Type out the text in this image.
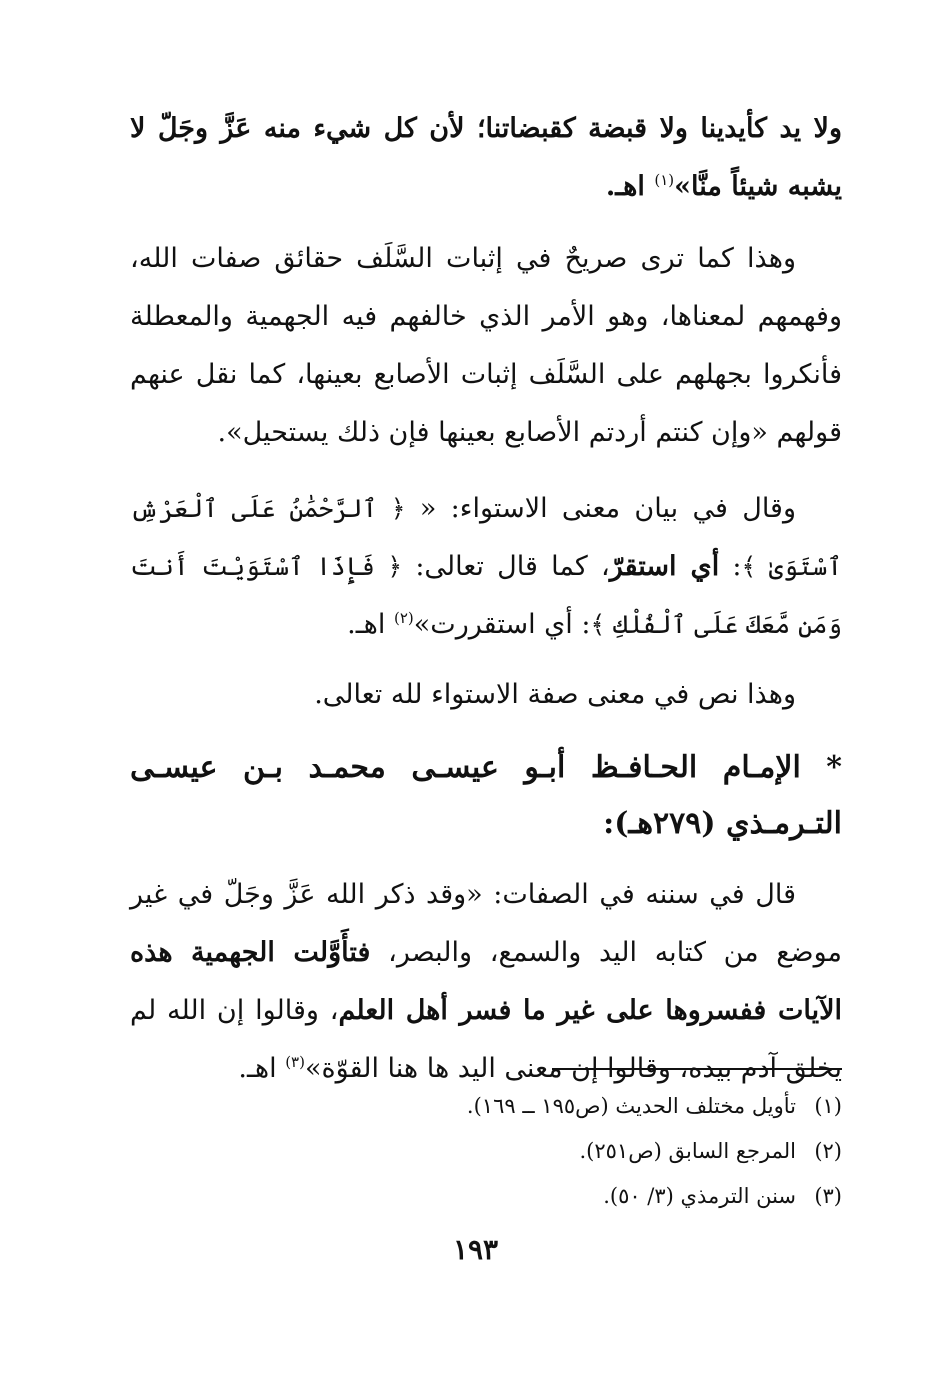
ولا يد كأيدينا ولا قبضة كقبضاتنا؛ لأن كل شيء منه عَزَّ وجَلّ لا يشبه شيئاً منَّا»$^{(١)}$ اهـ.

وهذا كما ترى صريحٌ في إثبات السَّلَف حقائق صفات الله، وفهمهم لمعناها، وهو الأمر الذي خالفهم فيه الجهمية والمعطلة فأنكروا بجهلهم على السَّلَف إثبات الأصابع بعينها، كما نقل عنهم قولهم «وإن كنتم أردتم الأصابع بعينها فإن ذلك يستحيل».

وقال في بيان معنى الاستواء: « ﴿ ٱلرَّحْمَٰنُ عَلَى ٱلْعَرْشِ ٱسْتَوَىٰ ﴾: أي استقرّ، كما قال تعالى: ﴿ فَإِذَا ٱسْتَوَيْتَ أَنتَ وَمَن مَّعَكَ عَلَى ٱلْفُلْكِ ﴾: أي استقررت»$^{(٢)}$ اهـ.

وهذا نص في معنى صفة الاستواء لله تعالى.

* الإمـام الحـافـظ أبـو عيسـى محمـد بـن عيسـى التـرمـذي (٢٧٩هـ):

قال في سننه في الصفات: «وقد ذكر الله عَزَّ وجَلّ في غير موضع من كتابه اليد والسمع، والبصر، فتأَوَّلت الجهمية هذه الآيات ففسروها على غير ما فسر أهل العلم، وقالوا إن الله لم يخلق آدم بيده، وقالوا إن معنى اليد ها هنا القوّة»$^{(٣)}$ اهـ.

(١)تأويل مختلف الحديث (ص١٩٥ ــ ١٦٩).
(٢)المرجع السابق (ص٢٥١).
(٣)سنن الترمذي (٣/ ٥٠).
١٩٣
